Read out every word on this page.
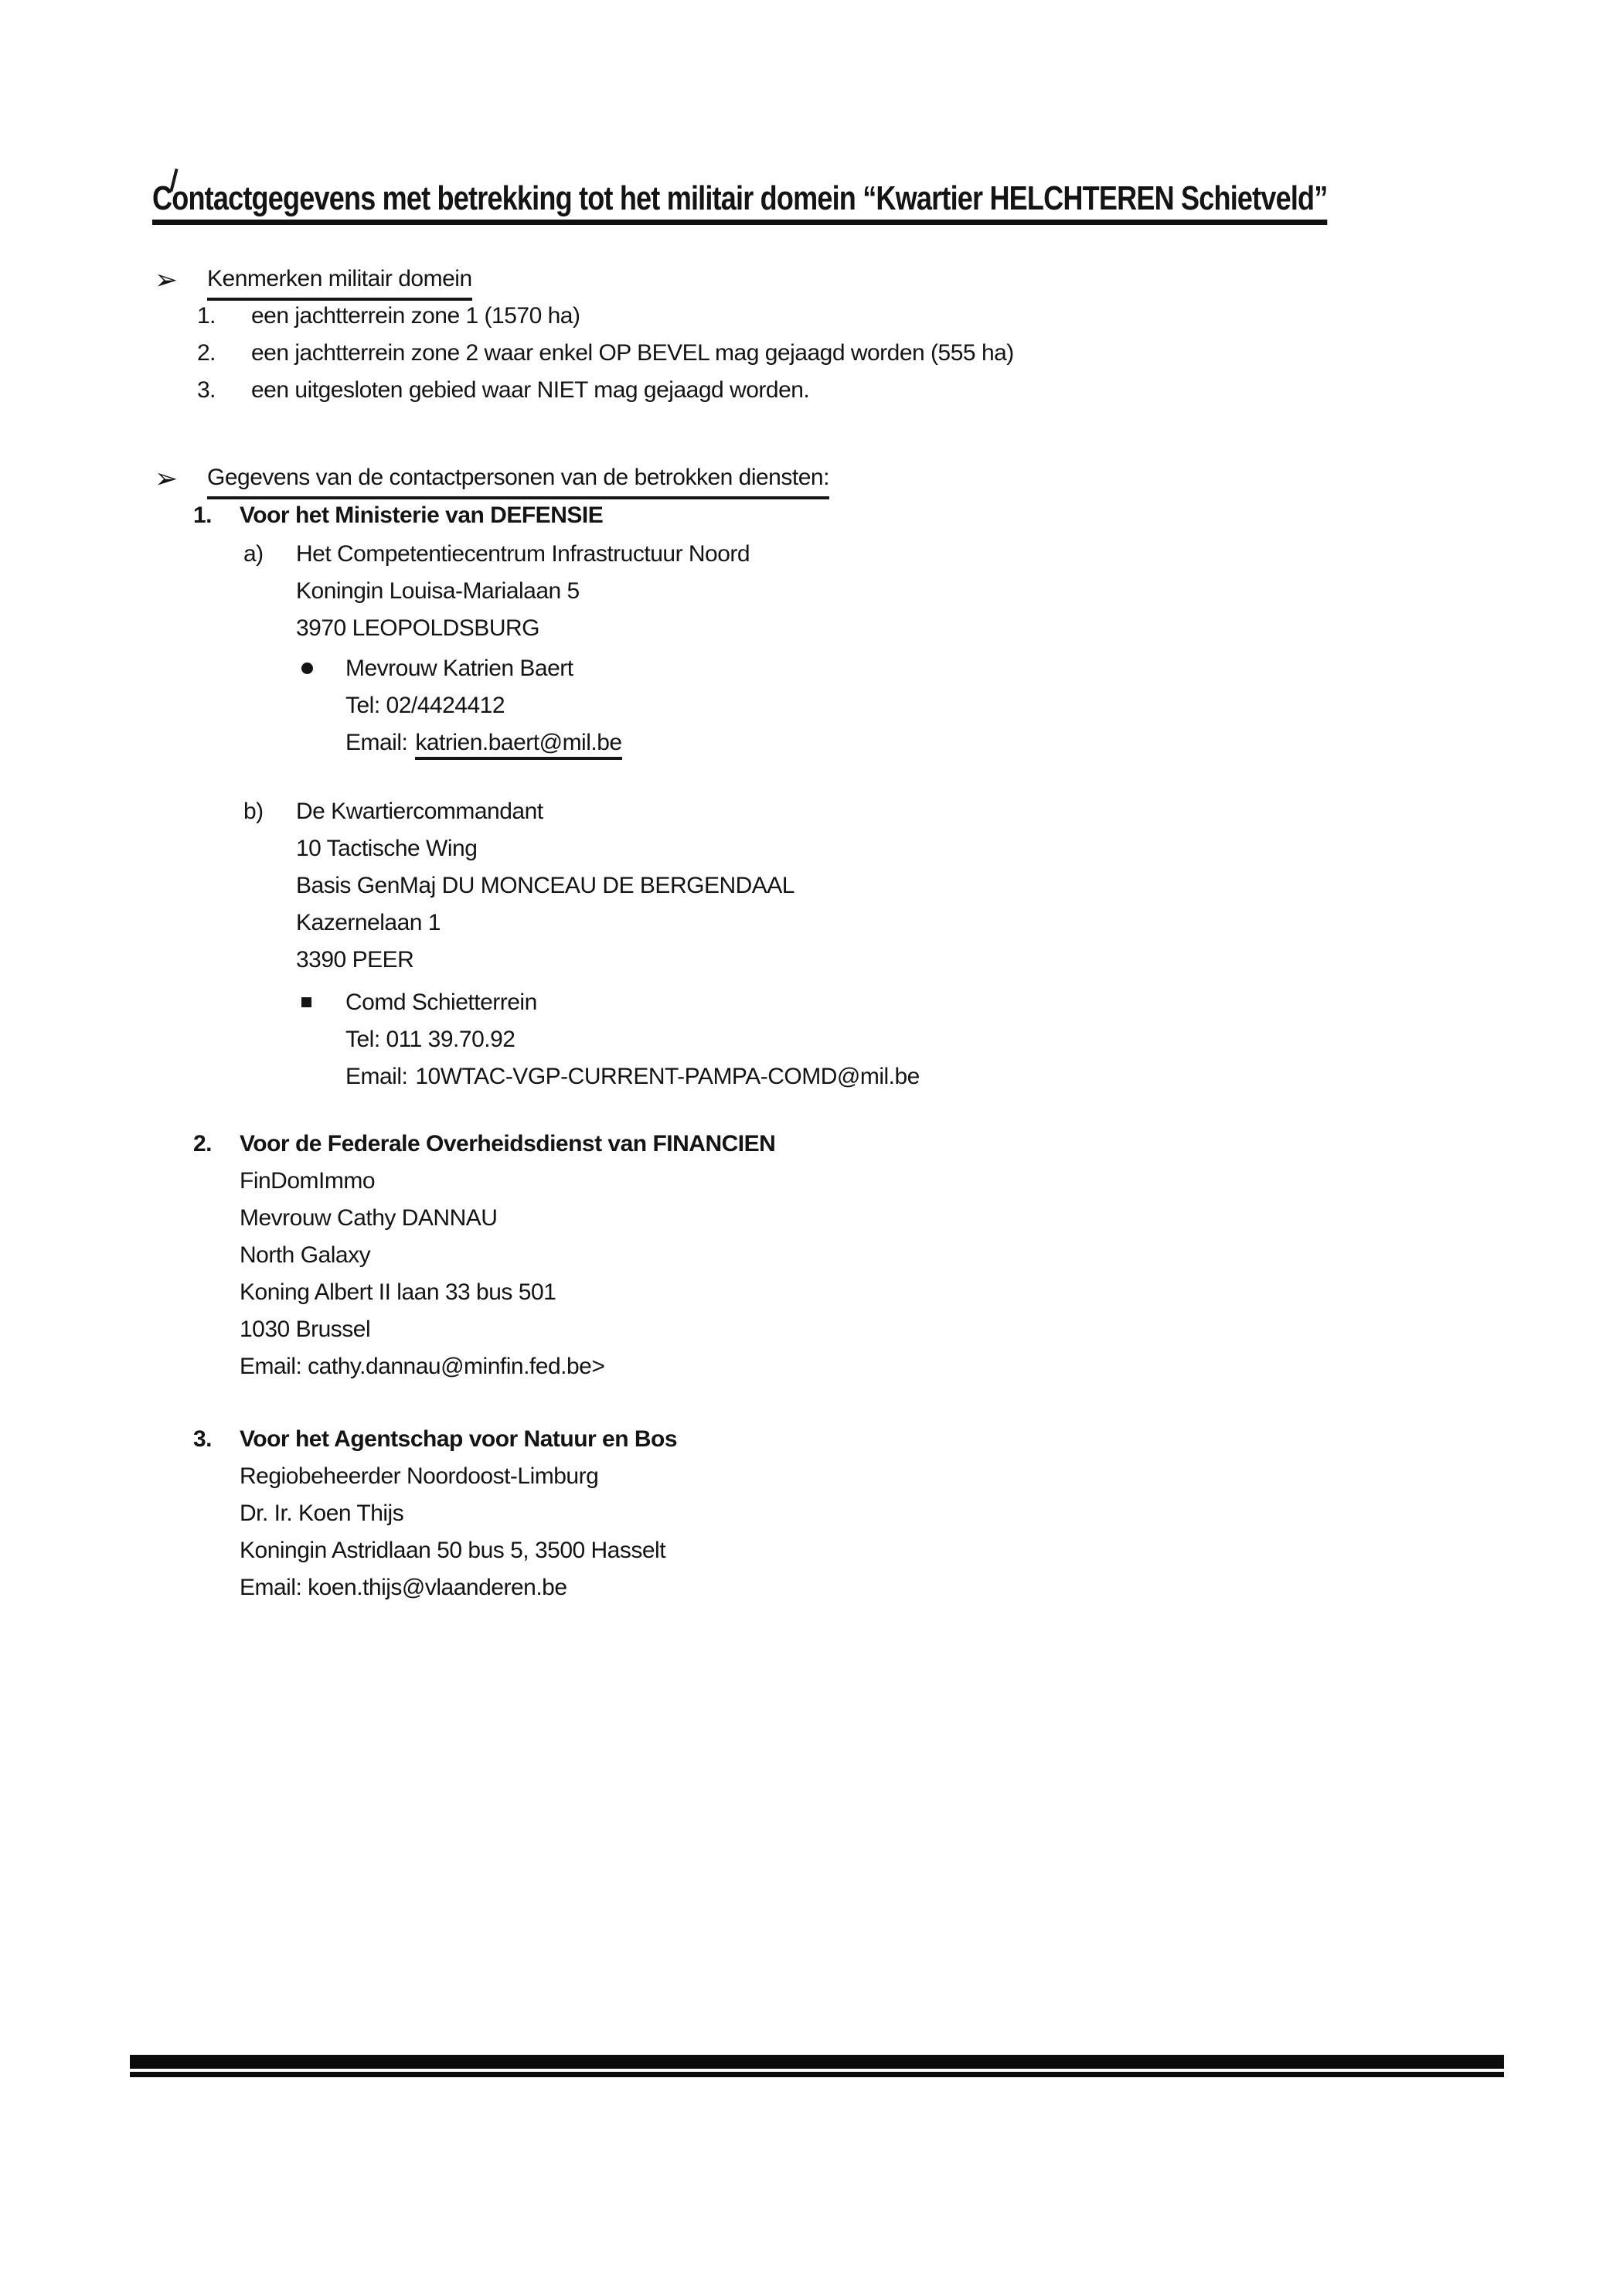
Contactgegevens met betrekking tot het militair domein “Kwartier HELCHTEREN Schietveld”
➢ Kenmerken militair domein
1. een jachtterrein zone 1 (1570 ha)
2. een jachtterrein zone 2 waar enkel OP BEVEL mag gejaagd worden (555 ha)
3. een uitgesloten gebied waar NIET mag gejaagd worden.
➢ Gegevens van de contactpersonen van de betrokken diensten:
1. Voor het Ministerie van DEFENSIE
a) Het Competentiecentrum Infrastructuur Noord
Koningin Louisa-Marialaan 5
3970 LEOPOLDSBURG
Mevrouw Katrien Baert
Tel: 02/4424412
Email: katrien.baert@mil.be
b) De Kwartiercommandant
10 Tactische Wing
Basis GenMaj DU MONCEAU DE BERGENDAAL
Kazernelaan 1
3390 PEER
Comd Schietterrein
Tel: 011 39.70.92
Email: 10WTAC-VGP-CURRENT-PAMPA-COMD@mil.be
2. Voor de Federale Overheidsdienst van FINANCIEN
FinDomImmo
Mevrouw Cathy DANNAU
North Galaxy
Koning Albert II laan 33 bus 501
1030 Brussel
Email: cathy.dannau@minfin.fed.be>
3. Voor het Agentschap voor Natuur en Bos
Regiobeheerder Noordoost-Limburg
Dr. Ir. Koen Thijs
Koningin Astridlaan 50 bus 5, 3500 Hasselt
Email: koen.thijs@vlaanderen.be
